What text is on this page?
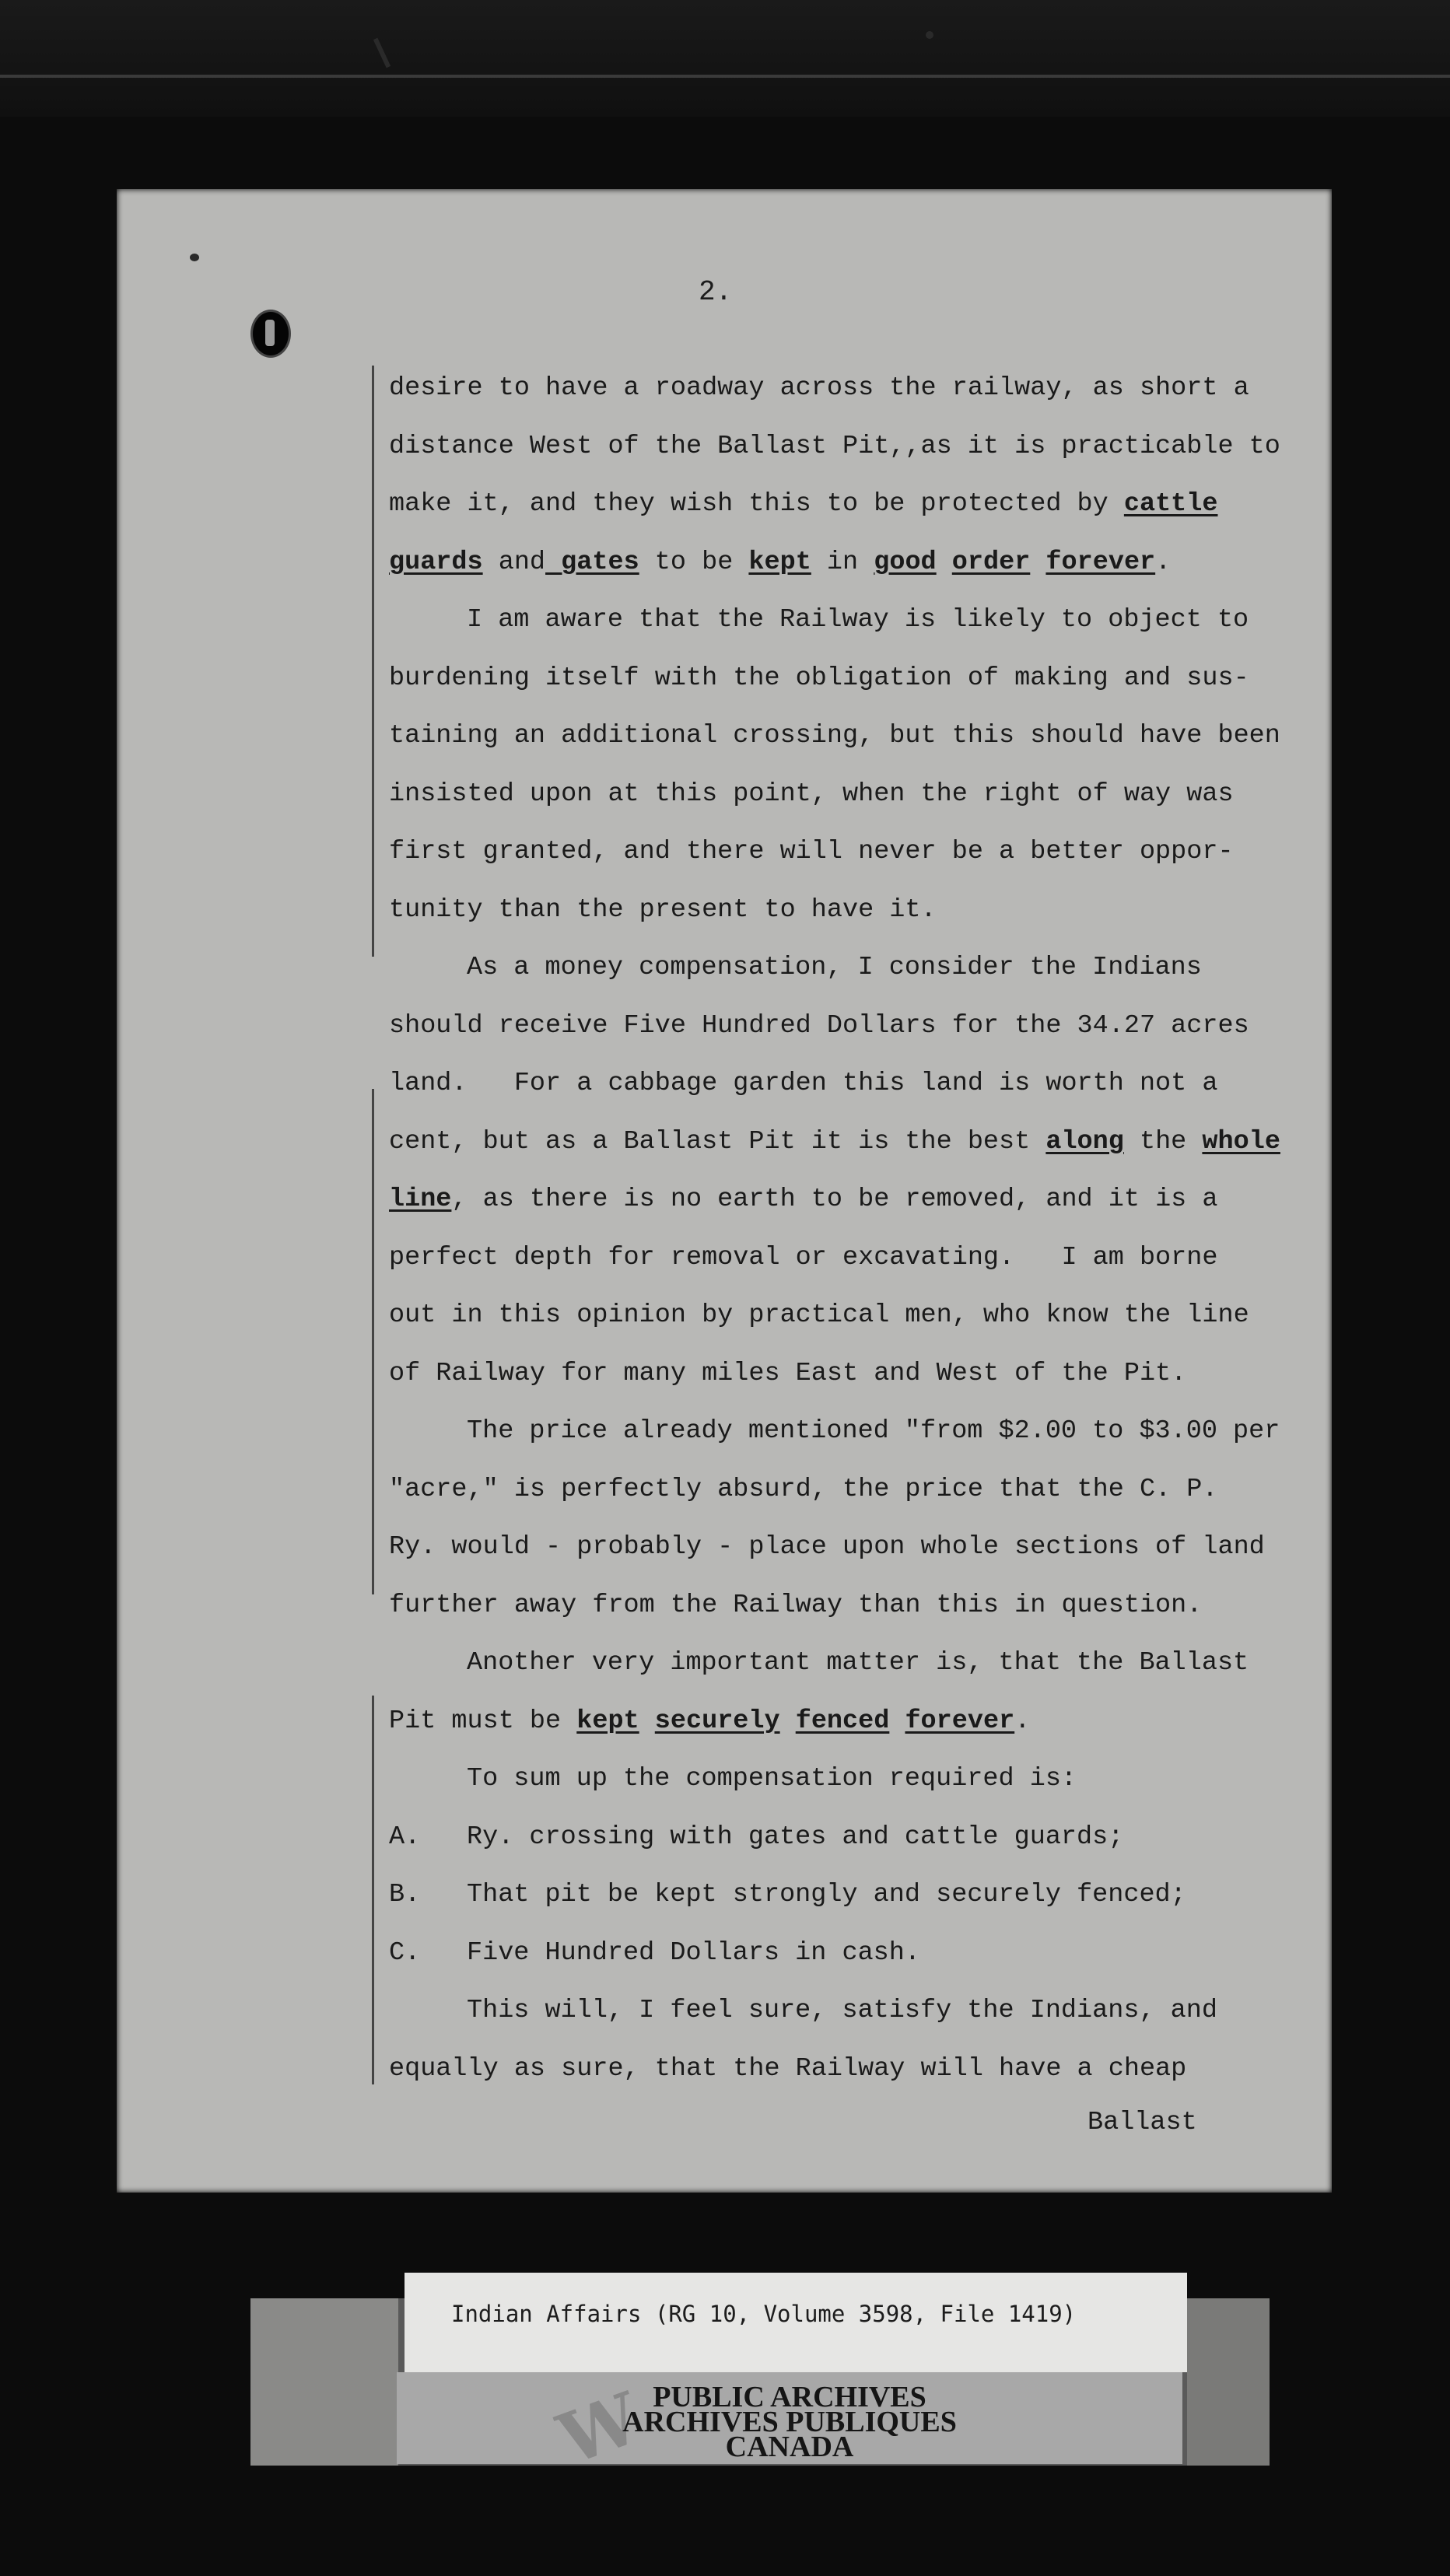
2.
desire to have a roadway across the railway, as short a
distance West of the Ballast Pit,,as it is practicable to
make it, and they wish this to be protected by cattle
guards and gates to be kept in good order forever.
I am aware that the Railway is likely to object to
burdening itself with the obligation of making and sus-
taining an additional crossing, but this should have been
insisted upon at this point, when the right of way was
first granted, and there will never be a better oppor-
tunity than the present to have it.
As a money compensation, I consider the Indians
should receive Five Hundred Dollars for the 34.27 acres
land.   For a cabbage garden this land is worth not a
cent, but as a Ballast Pit it is the best along the whole
line, as there is no earth to be removed, and it is a
perfect depth for removal or excavating.   I am borne
out in this opinion by practical men, who know the line
of Railway for many miles East and West of the Pit.
The price already mentioned "from $2.00 to $3.00 per
"acre," is perfectly absurd, the price that the C. P.
Ry. would - probably - place upon whole sections of land
further away from the Railway than this in question.
Another very important matter is, that the Ballast
Pit must be kept securely fenced forever.
To sum up the compensation required is:
A.	Ry. crossing with gates and cattle guards;
B.	That pit be kept strongly and securely fenced;
C.	Five Hundred Dollars in cash.
This will, I feel sure, satisfy the Indians, and
equally as sure, that the Railway will have a cheap
Ballast
Indian Affairs (RG 10, Volume 3598, File 1419)
W PUBLIC ARCHIVES
ARCHIVES PUBLIQUES
CANADA
